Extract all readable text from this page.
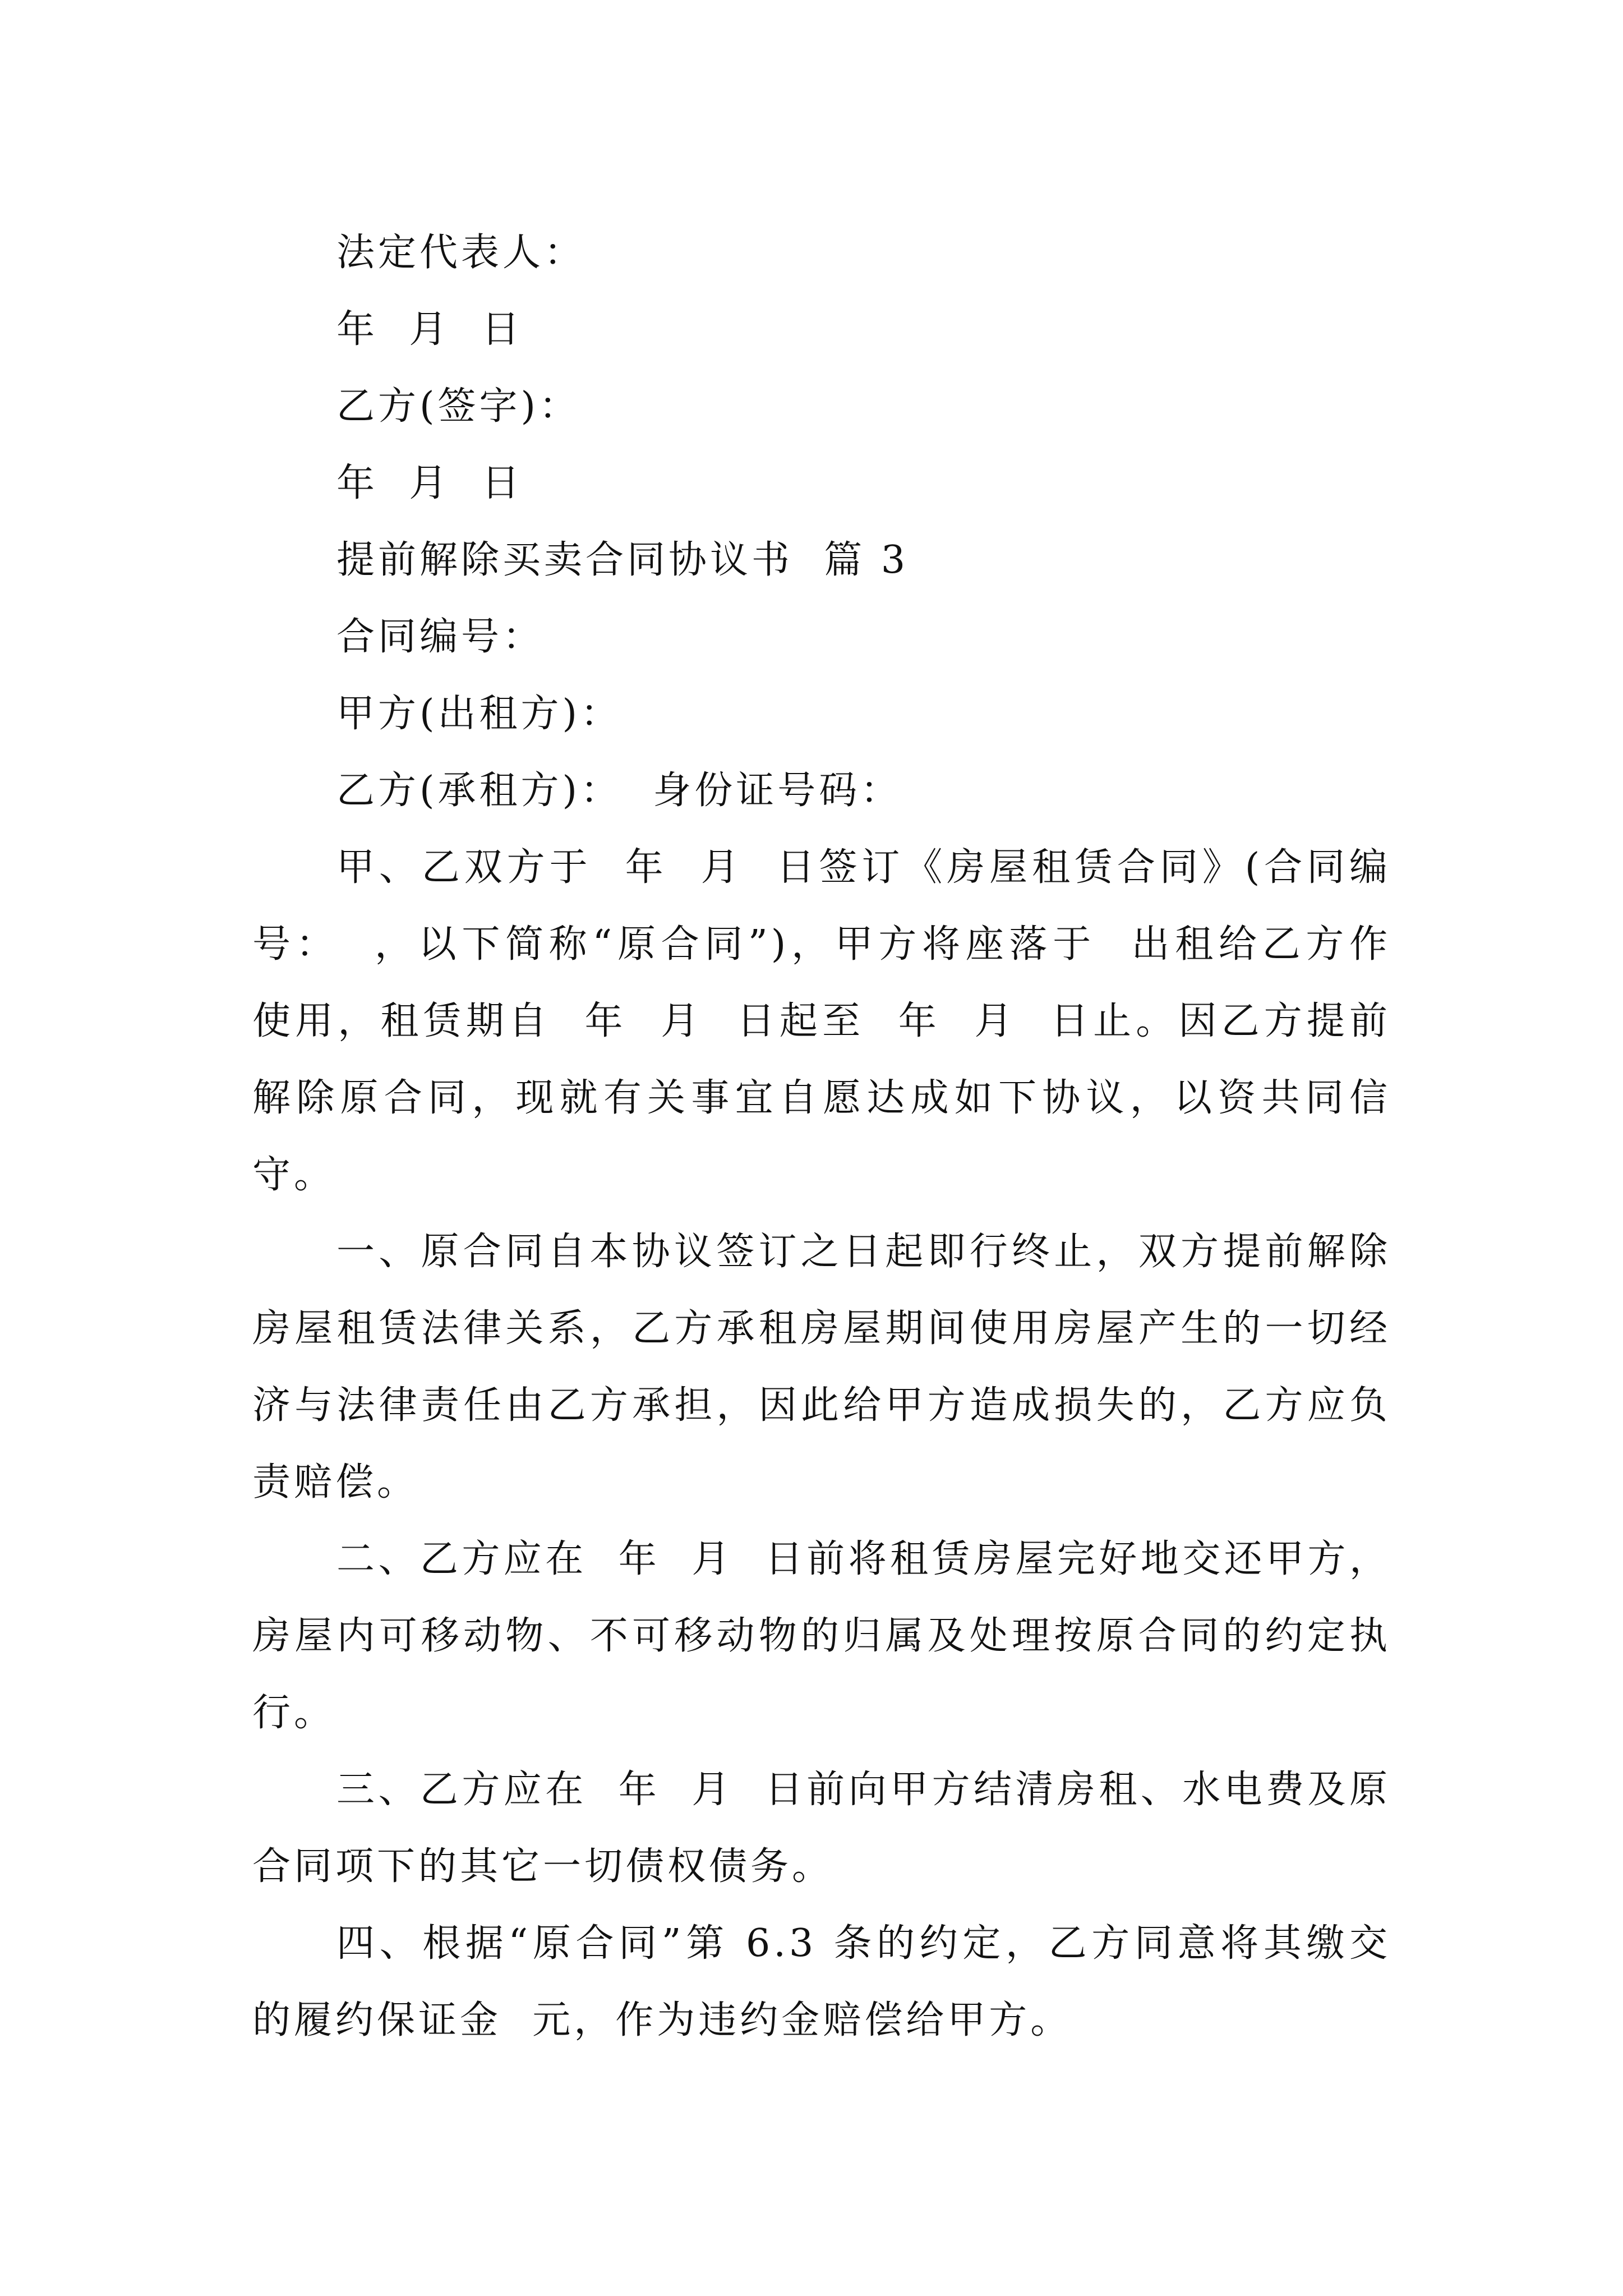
法定代表人：
年  月  日
乙方(签字)：
年  月  日
提前解除买卖合同协议书  篇 3
合同编号：
甲方(出租方)：
乙方(承租方)：  身份证号码：

甲、乙双方于  年  月  日签订《房屋租赁合同》(合同编号：  ，以下简称“原合同”)，甲方将座落于  出租给乙方作  使用，租赁期自  年  月  日起至  年  月  日止。因乙方提前解除原合同，现就有关事宜自愿达成如下协议，以资共同信守。

一、原合同自本协议签订之日起即行终止，双方提前解除房屋租赁法律关系，乙方承租房屋期间使用房屋产生的一切经济与法律责任由乙方承担，因此给甲方造成损失的，乙方应负责赔偿。

二、乙方应在  年  月  日前将租赁房屋完好地交还甲方，房屋内可移动物、不可移动物的归属及处理按原合同的约定执行。

三、乙方应在  年  月  日前向甲方结清房租、水电费及原合同项下的其它一切债权债务。

四、根据“原合同”第 6.3 条的约定，乙方同意将其缴交的履约保证金  元，作为违约金赔偿给甲方。
